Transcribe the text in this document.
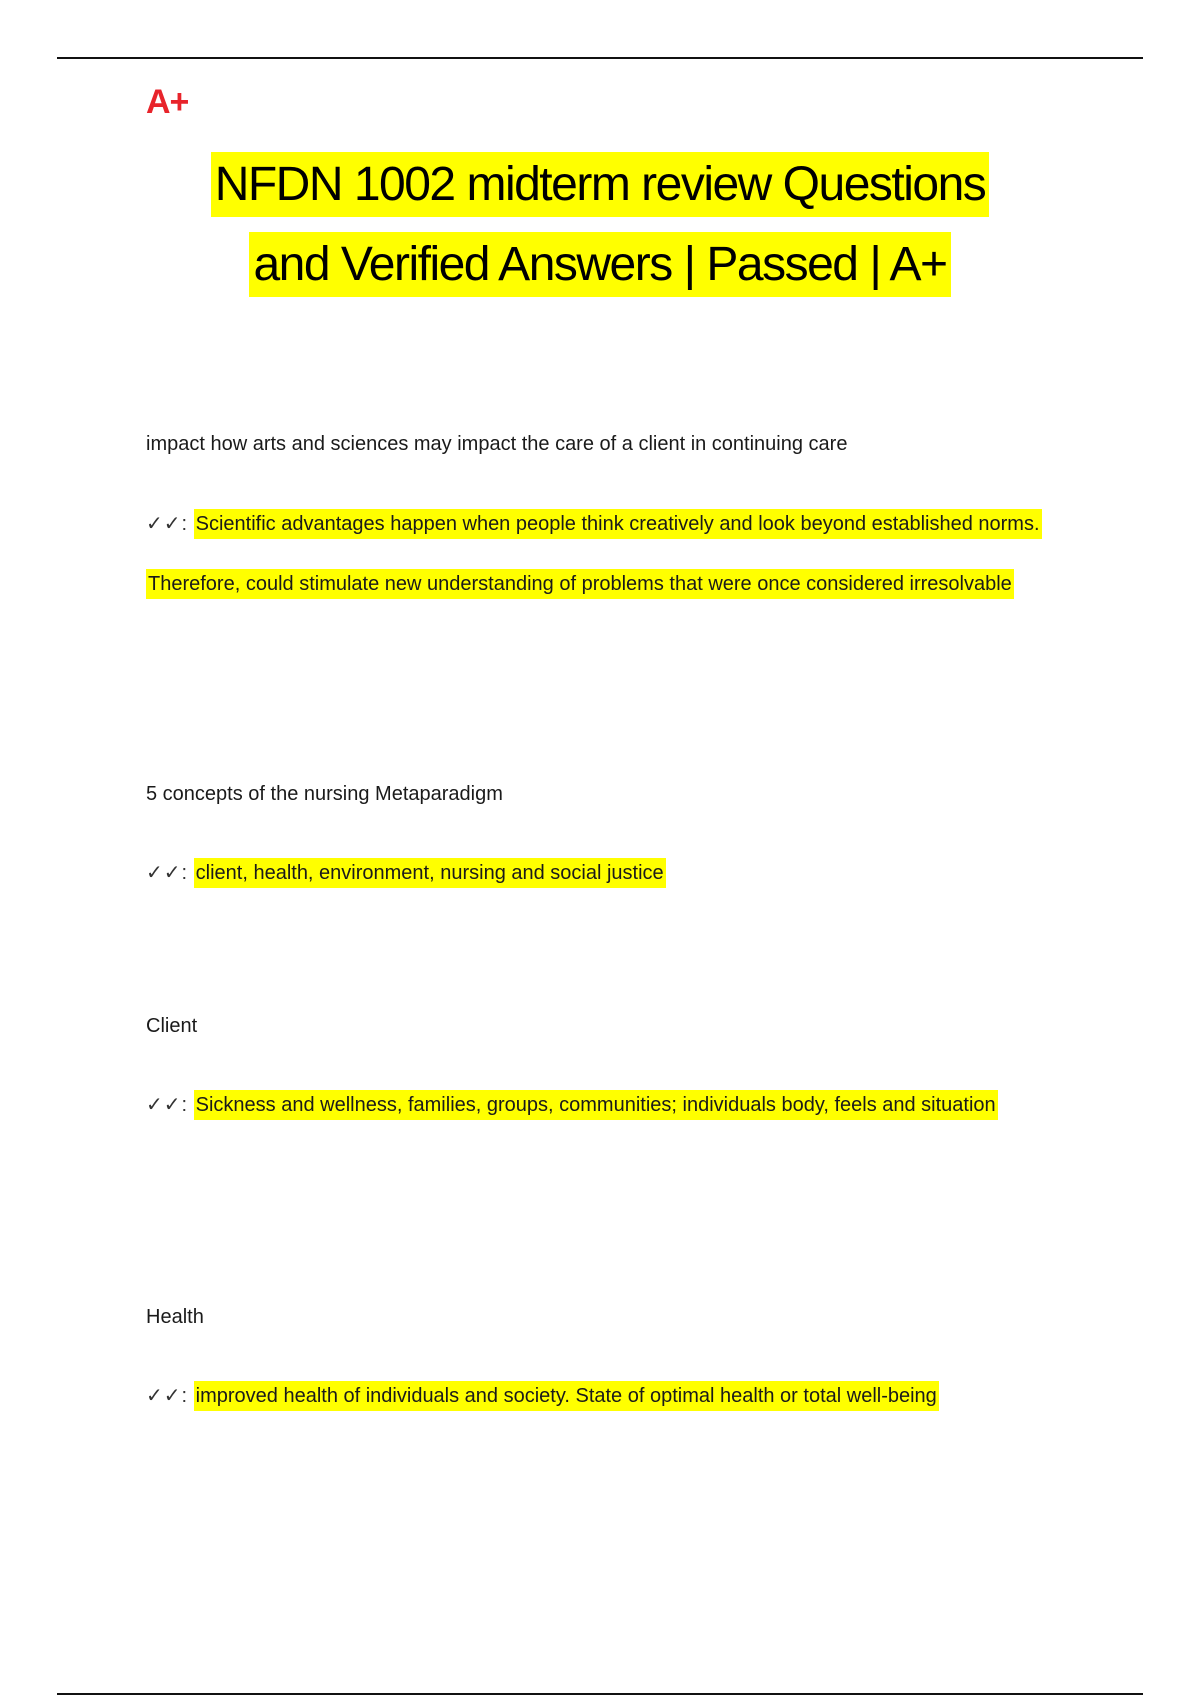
A+
NFDN 1002 midterm review Questions
and Verified Answers | Passed | A+
impact how arts and sciences may impact the care of a client in continuing care
✓✓: Scientific advantages happen when people think creatively and look beyond established norms. Therefore, could stimulate new understanding of problems that were once considered irresolvable
5 concepts of the nursing Metaparadigm
✓✓: client, health, environment, nursing and social justice
Client
✓✓: Sickness and wellness, families, groups, communities; individuals body, feels and situation
Health
✓✓: improved health of individuals and society. State of optimal health or total well-being
